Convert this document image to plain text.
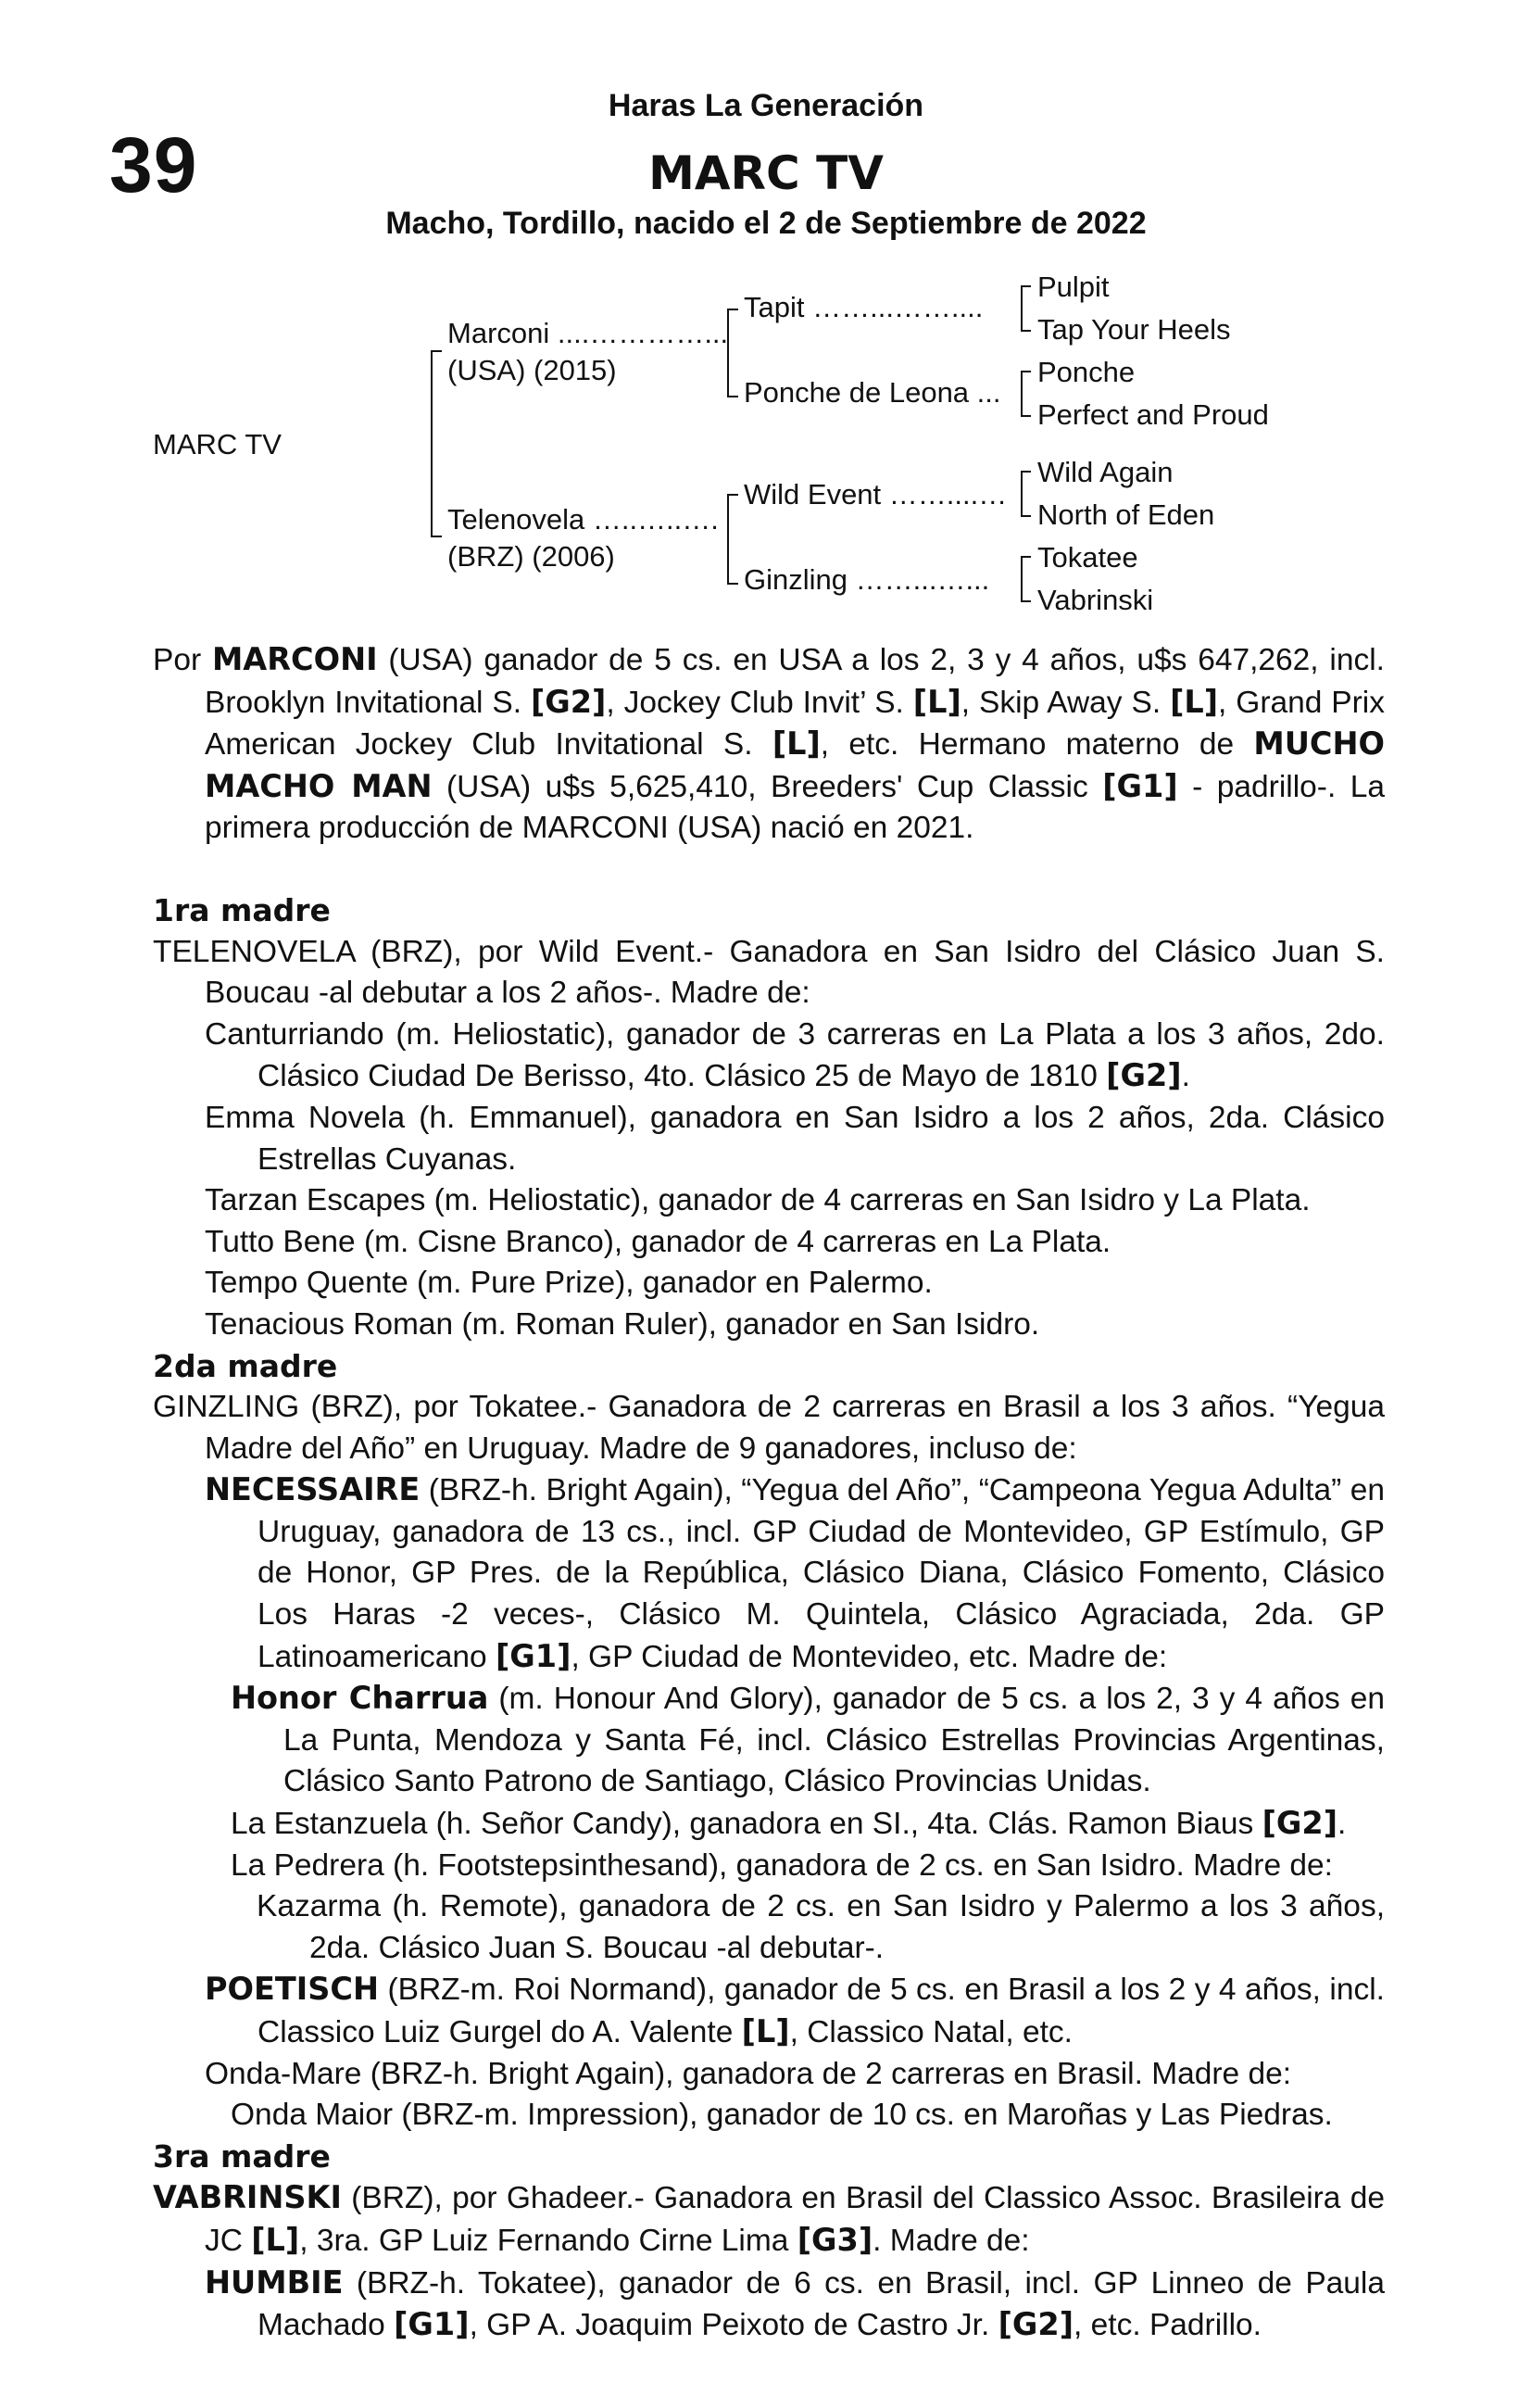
39
Haras La Generación
MARC TV
Macho, Tordillo, nacido el 2 de Septiembre de 2022
MARC TV
Marconi ....…………...
(USA) (2015)
Telenovela …..…..….
(BRZ) (2006)
Tapit ……...……....
Ponche de Leona ...
Wild Event ……....…
Ginzling ……...…...
Pulpit
Tap Your Heels
Ponche
Perfect and Proud
Wild Again
North of Eden
Tokatee
Vabrinski

Por MARCONI (USA) ganador de 5 cs. en USA a los 2, 3 y 4 años, u$s 647,262, incl. Brooklyn Invitational S. [G2], Jockey Club Invit’ S. [L], Skip Away S. [L], Grand Prix American Jockey Club Invitational S. [L], etc. Hermano materno de MUCHO MACHO MAN (USA) u$s 5,625,410, Breeders' Cup Classic [G1] - padrillo-. La primera producción de MARCONI (USA) nació en 2021.

1ra madre

TELENOVELA (BRZ), por Wild Event.- Ganadora en San Isidro del Clásico Juan S. Boucau -al debutar a los 2 años-. Madre de:

Canturriando (m. Heliostatic), ganador de 3 carreras en La Plata a los 3 años, 2do. Clásico Ciudad De Berisso, 4to. Clásico 25 de Mayo de 1810 [G2].

Emma Novela (h. Emmanuel), ganadora en San Isidro a los 2 años, 2da. Clásico Estrellas Cuyanas.

Tarzan Escapes (m. Heliostatic), ganador de 4 carreras en San Isidro y La Plata.

Tutto Bene (m. Cisne Branco), ganador de 4 carreras en La Plata.

Tempo Quente (m. Pure Prize), ganador en Palermo.

Tenacious Roman (m. Roman Ruler), ganador en San Isidro.

2da madre

GINZLING (BRZ), por Tokatee.- Ganadora de 2 carreras en Brasil a los 3 años. “Yegua Madre del Año” en Uruguay. Madre de 9 ganadores, incluso de:

NECESSAIRE (BRZ-h. Bright Again), “Yegua del Año”, “Campeona Yegua Adulta” en Uruguay, ganadora de 13 cs., incl. GP Ciudad de Montevideo, GP Estímulo, GP de Honor, GP Pres. de la República, Clásico Diana, Clásico Fomento, Clásico Los Haras -2 veces-, Clásico M. Quintela, Clásico Agraciada, 2da. GP Latinoamericano [G1], GP Ciudad de Montevideo, etc. Madre de:

Honor Charrua (m. Honour And Glory), ganador de 5 cs. a los 2, 3 y 4 años en La Punta, Mendoza y Santa Fé, incl. Clásico Estrellas Provincias Argentinas, Clásico Santo Patrono de Santiago, Clásico Provincias Unidas.

La Estanzuela (h. Señor Candy), ganadora en SI., 4ta. Clás. Ramon Biaus [G2].

La Pedrera (h. Footstepsinthesand), ganadora de 2 cs. en San Isidro. Madre de:

Kazarma (h. Remote), ganadora de 2 cs. en San Isidro y Palermo a los 3 años, 2da. Clásico Juan S. Boucau -al debutar-.

POETISCH (BRZ-m. Roi Normand), ganador de 5 cs. en Brasil a los 2 y 4 años, incl. Classico Luiz Gurgel do A. Valente [L], Classico Natal, etc.

Onda-Mare (BRZ-h. Bright Again), ganadora de 2 carreras en Brasil. Madre de:

Onda Maior (BRZ-m. Impression), ganador de 10 cs. en Maroñas y Las Piedras.

3ra madre

VABRINSKI (BRZ), por Ghadeer.- Ganadora en Brasil del Classico Assoc. Brasileira de JC [L], 3ra. GP Luiz Fernando Cirne Lima [G3]. Madre de:

HUMBIE (BRZ-h. Tokatee), ganador de 6 cs. en Brasil, incl. GP Linneo de Paula Machado [G1], GP A. Joaquim Peixoto de Castro Jr. [G2], etc. Padrillo.
